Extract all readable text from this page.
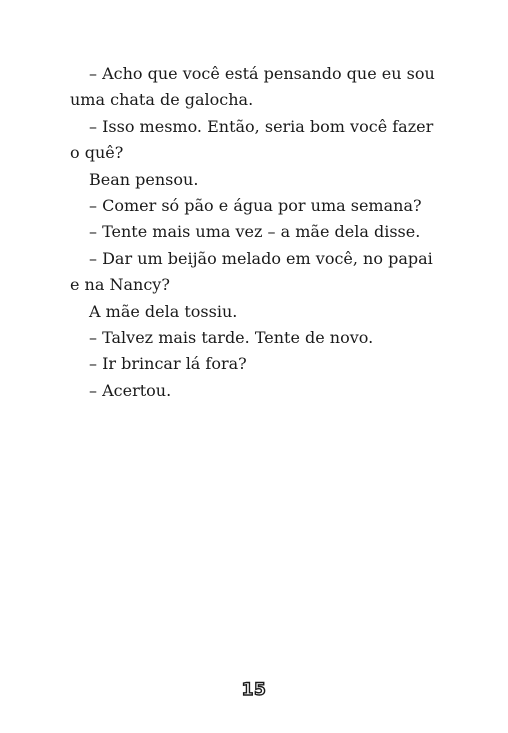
– Acho que você está pensando que eu sou
uma chata de galocha.
– Isso mesmo. Então, seria bom você fazer
o quê?
Bean pensou.
– Comer só pão e água por uma semana?
– Tente mais uma vez – a mãe dela disse.
– Dar um beijão melado em você, no papai
e na Nancy?
A mãe dela tossiu.
– Talvez mais tarde. Tente de novo.
– Ir brincar lá fora?
– Acertou.
15
